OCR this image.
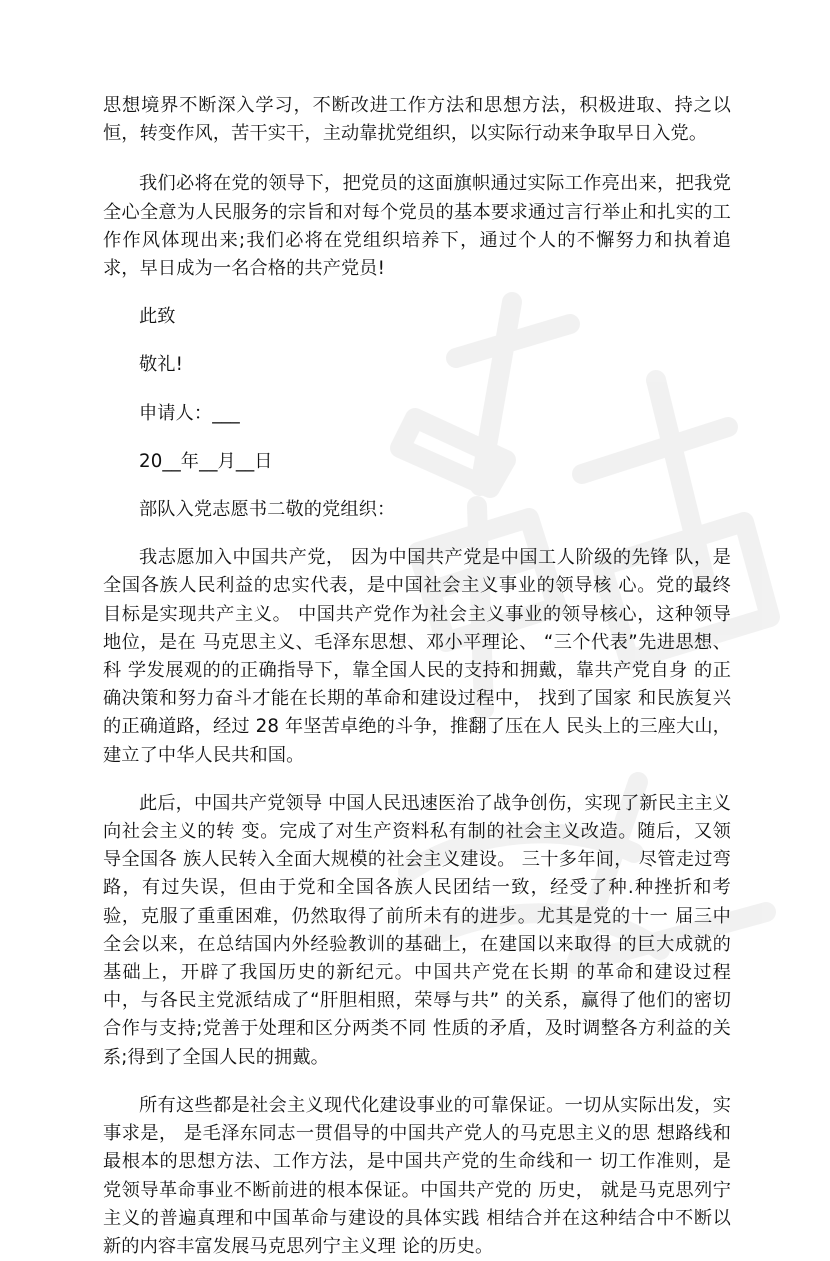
思想境界不断深入学习，不断改进工作方法和思想方法，积极进取、持之以恒，转变作风，苦干实干，主动靠扰党组织，以实际行动来争取早日入党。

我们必将在党的领导下，把党员的这面旗帜通过实际工作亮出来，把我党全心全意为人民服务的宗旨和对每个党员的基本要求通过言行举止和扎实的工作作风体现出来;我们必将在党组织培养下，通过个人的不懈努力和执着追求，早日成为一名合格的共产党员!

此致

敬礼!

申请人：___

20__年__月__日

部队入党志愿书二敬的党组织：

我志愿加入中国共产党， 因为中国共产党是中国工人阶级的先锋 队，是全国各族人民利益的忠实代表，是中国社会主义事业的领导核 心。党的最终目标是实现共产主义。 中国共产党作为社会主义事业的领导核心，这种领导地位，是在 马克思主义、毛泽东思想、邓小平理论、 “三个代表”先进思想、科 学发展观的的正确指导下，靠全国人民的支持和拥戴，靠共产党自身 的正确决策和努力奋斗才能在长期的革命和建设过程中， 找到了国家 和民族复兴的正确道路，经过 28 年坚苦卓绝的斗争，推翻了压在人 民头上的三座大山，建立了中华人民共和国。

此后，中国共产党领导 中国人民迅速医治了战争创伤，实现了新民主主义向社会主义的转 变。完成了对生产资料私有制的社会主义改造。随后，又领导全国各 族人民转入全面大规模的社会主义建设。 三十多年间， 尽管走过弯路，有过失误，但由于党和全国各族人民团结一致，经受了种.种挫折和考 验，克服了重重困难，仍然取得了前所未有的进步。尤其是党的十一 届三中全会以来，在总结国内外经验教训的基础上，在建国以来取得 的巨大成就的基础上，开辟了我国历史的新纪元。中国共产党在长期 的革命和建设过程中，与各民主党派结成了“肝胆相照，荣辱与共” 的关系，赢得了他们的密切合作与支持;党善于处理和区分两类不同 性质的矛盾，及时调整各方利益的关系;得到了全国人民的拥戴。

所有这些都是社会主义现代化建设事业的可靠保证。一切从实际出发，实事求是， 是毛泽东同志一贯倡导的中国共产党人的马克思主义的思 想路线和最根本的思想方法、工作方法，是中国共产党的生命线和一 切工作准则，是党领导革命事业不断前进的根本保证。中国共产党的 历史， 就是马克思列宁主义的普遍真理和中国革命与建设的具体实践 相结合并在这种结合中不断以新的内容丰富发展马克思列宁主义理 论的历史。
